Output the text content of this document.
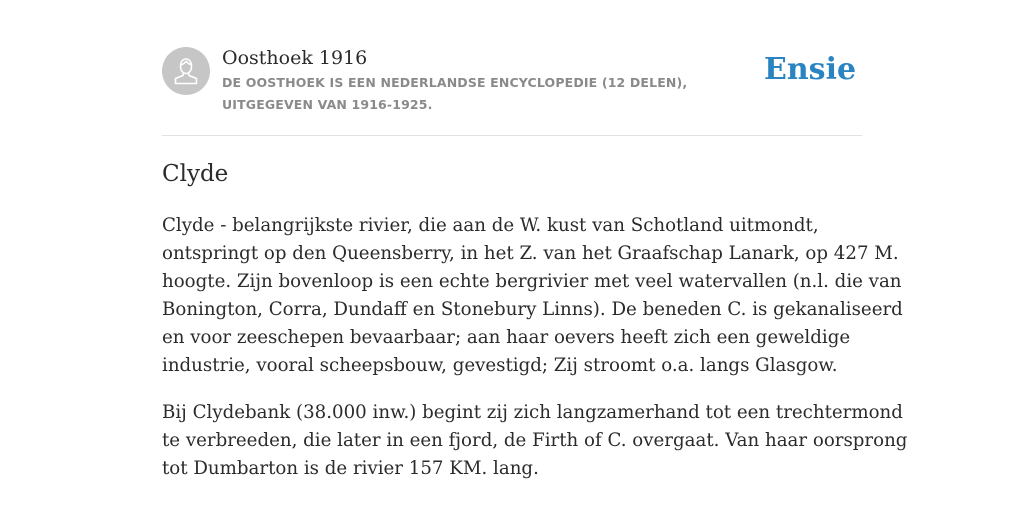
Oosthoek 1916
DE OOSTHOEK IS EEN NEDERLANDSE ENCYCLOPEDIE (12 DELEN), UITGEGEVEN VAN 1916-1925.
Ensie
Clyde

Clyde - belangrijkste rivier, die aan de W. kust van Schotland uitmondt,
ontspringt op den Queensberry, in het Z. van het Graafschap Lanark, op 427 M.
hoogte. Zijn bovenloop is een echte bergrivier met veel watervallen (n.l. die van
Bonington, Corra, Dundaff en Stonebury Linns). De beneden C. is gekanaliseerd
en voor zeeschepen bevaarbaar; aan haar oevers heeft zich een geweldige
industrie, vooral scheepsbouw, gevestigd; Zij stroomt o.a. langs Glasgow.

Bij Clydebank (38.000 inw.) begint zij zich langzamerhand tot een trechtermond
te verbreeden, die later in een fjord, de Firth of C. overgaat. Van haar oorsprong
tot Dumbarton is de rivier 157 KM. lang.
